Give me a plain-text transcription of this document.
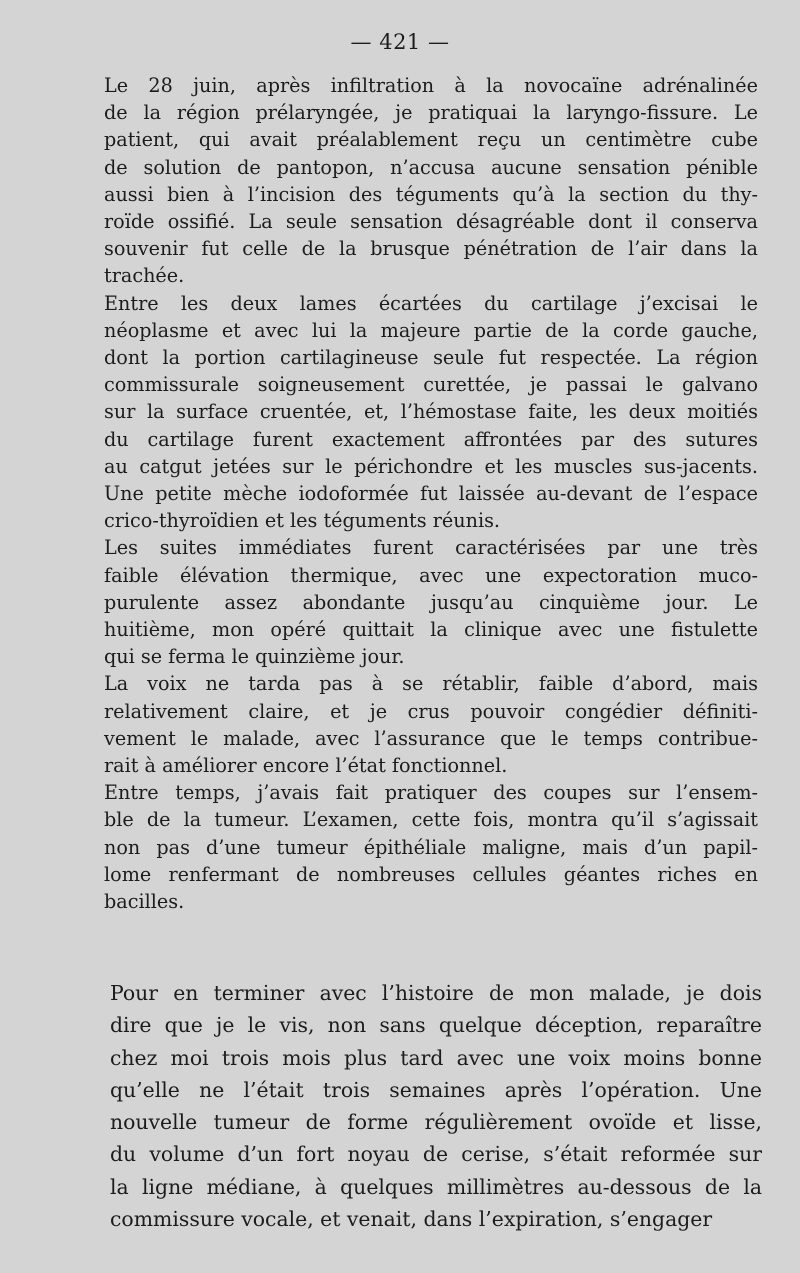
— 421 —

Le 28 juin, après infiltration à la novocaïne adrénalinée
de la région prélaryngée, je pratiquai la laryngo-fissure. Le
patient, qui avait préalablement reçu un centimètre cube
de solution de pantopon, n’accusa aucune sensation pénible
aussi bien à l’incision des téguments qu’à la section du thy-
roïde ossifié. La seule sensation désagréable dont il conserva
souvenir fut celle de la brusque pénétration de l’air dans la
trachée.

Entre les deux lames écartées du cartilage j’excisai le
néoplasme et avec lui la majeure partie de la corde gauche,
dont la portion cartilagineuse seule fut respectée. La région
commissurale soigneusement curettée, je passai le galvano
sur la surface cruentée, et, l’hémostase faite, les deux moitiés
du cartilage furent exactement affrontées par des sutures
au catgut jetées sur le périchondre et les muscles sus-jacents.
Une petite mèche iodoformée fut laissée au-devant de l’espace
crico-thyroïdien et les téguments réunis.

Les suites immédiates furent caractérisées par une très
faible élévation thermique, avec une expectoration muco-
purulente assez abondante jusqu’au cinquième jour. Le
huitième, mon opéré quittait la clinique avec une fistulette
qui se ferma le quinzième jour.

La voix ne tarda pas à se rétablir, faible d’abord, mais
relativement claire, et je crus pouvoir congédier définiti-
vement le malade, avec l’assurance que le temps contribue-
rait à améliorer encore l’état fonctionnel.

Entre temps, j’avais fait pratiquer des coupes sur l’ensem-
ble de la tumeur. L’examen, cette fois, montra qu’il s’agissait
non pas d’une tumeur épithéliale maligne, mais d’un papil-
lome renfermant de nombreuses cellules géantes riches en
bacilles.

Pour en terminer avec l’histoire de mon malade, je dois
dire que je le vis, non sans quelque déception, reparaître
chez moi trois mois plus tard avec une voix moins bonne
qu’elle ne l’était trois semaines après l’opération. Une
nouvelle tumeur de forme régulièrement ovoïde et lisse,
du volume d’un fort noyau de cerise, s’était reformée sur
la ligne médiane, à quelques millimètres au-dessous de la
commissure vocale, et venait, dans l’expiration, s’engager
